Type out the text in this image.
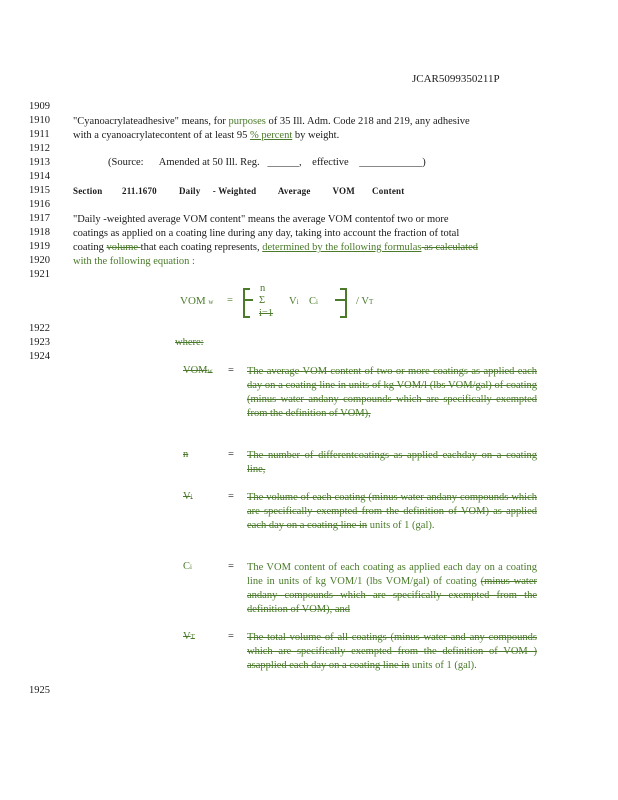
JCAR5099350211P
1909
1910
1911
1912
1913
1914
1915
1916
1917
1918
1919
1920
1921
1922
1923
1924
1925
"Cyanoacrylateadhesive" means, for purposes of 35 Ill. Adm. Code 218 and 219, any adhesive
with a cyanoacrylatecontent of at least 95 % percent by weight.
(Source: Amended at 50 Ill. Reg. ______, effective ____________)
Section 211.1670 Daily - Weighted Average VOM Content
"Daily -weighted average VOM content" means the average VOM contentof two or more
coatings as applied on a coating line during any day, taking into account the fraction of total
coating volume that each coating represents, determined by the following formulas as calculated
with the following equation :
VOM w =
n
Σ
i=1
Vi Ci	/ VT
where:
VOMw	= The average VOM content of two or more coatings as applied each day on a coating line in units of kg VOM/l (lbs VOM/gal) of coating (minus water andany compounds which are specifically exempted from the definition of VOM),
n	= The number of differentcoatings as applied eachday on a coating line,
Vi	= The volume of each coating (minus water andany compounds which are specifically exempted from the definition of VOM) as applied each day on a coating line in units of 1 (gal).
Ci	= The VOM content of each coating as applied each day on a coating line in units of kg VOM/1 (lbs VOM/gal) of coating (minus water andany compounds which are specifically exempted from the definition of VOM), and
VT	= The total volume of all coatings (minus water and any compounds which are specifically exempted from the definition of VOM ) asapplied each day on a coating line in units of 1 (gal).
